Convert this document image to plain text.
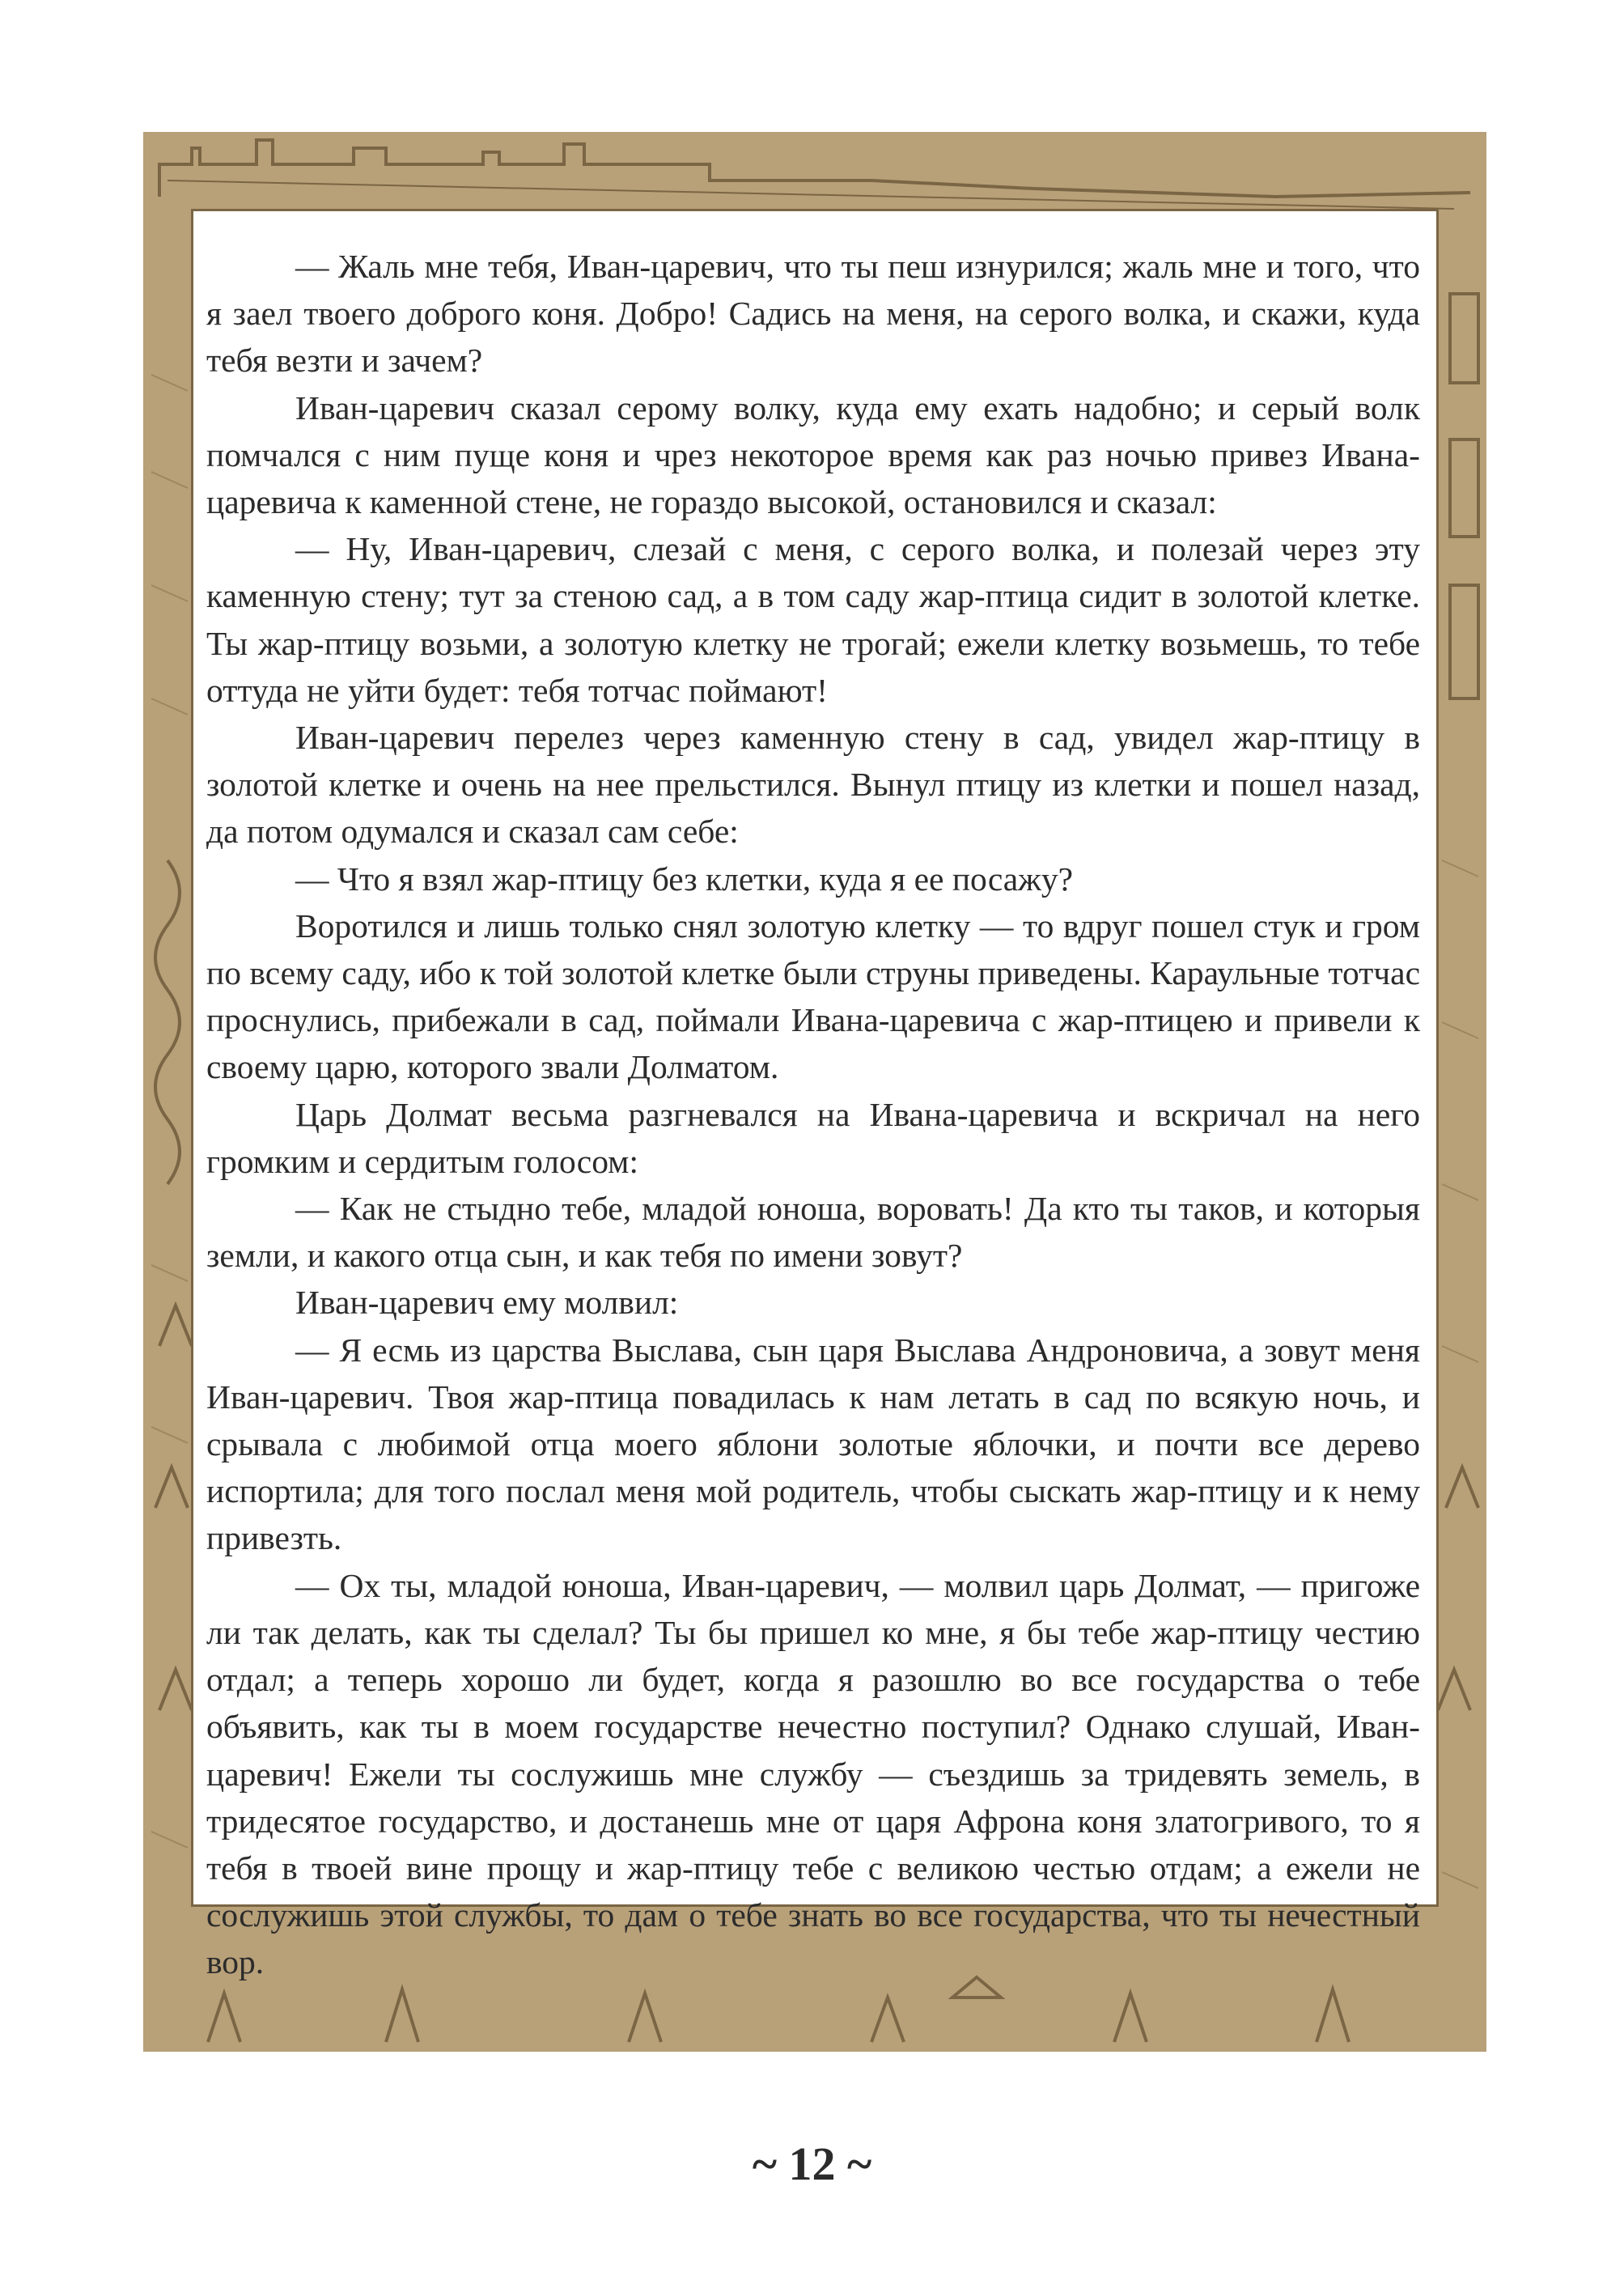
— Жаль мне тебя, Иван-царевич, что ты пеш изнурился; жаль мне и того, что я заел твоего доброго коня. Добро! Садись на меня, на серого волка, и скажи, куда тебя везти и зачем?

Иван-царевич сказал серому волку, куда ему ехать надобно; и серый волк помчался с ним пуще коня и чрез некоторое время как раз ночью привез Ивана-царевича к каменной стене, не гораздо высокой, остановился и сказал:

— Ну, Иван-царевич, слезай с меня, с серого волка, и полезай через эту каменную стену; тут за стеною сад, а в том саду жар-птица сидит в золотой клетке. Ты жар-птицу возьми, а золотую клетку не трогай; ежели клетку возьмешь, то тебе оттуда не уйти будет: тебя тотчас поймают!

Иван-царевич перелез через каменную стену в сад, увидел жар-птицу в золотой клетке и очень на нее прельстился. Вынул птицу из клетки и пошел назад, да потом одумался и сказал сам себе:

— Что я взял жар-птицу без клетки, куда я ее посажу?

Воротился и лишь только снял золотую клетку — то вдруг пошел стук и гром по всему саду, ибо к той золотой клетке были струны приведены. Караульные тотчас проснулись, прибежали в сад, поймали Ивана-царевича с жар-птицею и привели к своему царю, которого звали Долматом.

Царь Долмат весьма разгневался на Ивана-царевича и вскричал на него громким и сердитым голосом:

— Как не стыдно тебе, младой юноша, воровать! Да кто ты таков, и которыя земли, и какого отца сын, и как тебя по имени зовут?

Иван-царевич ему молвил:

— Я есмь из царства Выслава, сын царя Выслава Андроновича, а зовут меня Иван-царевич. Твоя жар-птица повадилась к нам летать в сад по всякую ночь, и срывала с любимой отца моего яблони золотые яблочки, и почти все дерево испортила; для того послал меня мой родитель, чтобы сыскать жар-птицу и к нему привезть.

— Ох ты, младой юноша, Иван-царевич, — молвил царь Долмат, — пригоже ли так делать, как ты сделал? Ты бы пришел ко мне, я бы тебе жар-птицу честию отдал; а теперь хорошо ли будет, когда я разошлю во все государства о тебе объявить, как ты в моем государстве нечестно поступил? Однако слушай, Иван-царевич! Ежели ты сослужишь мне службу — съездишь за тридевять земель, в тридесятое государство, и достанешь мне от царя Афрона коня златогривого, то я тебя в твоей вине прощу и жар-птицу тебе с великою честью отдам; а ежели не сослужишь этой службы, то дам о тебе знать во все государства, что ты нечестный вор.

~ 12 ~
